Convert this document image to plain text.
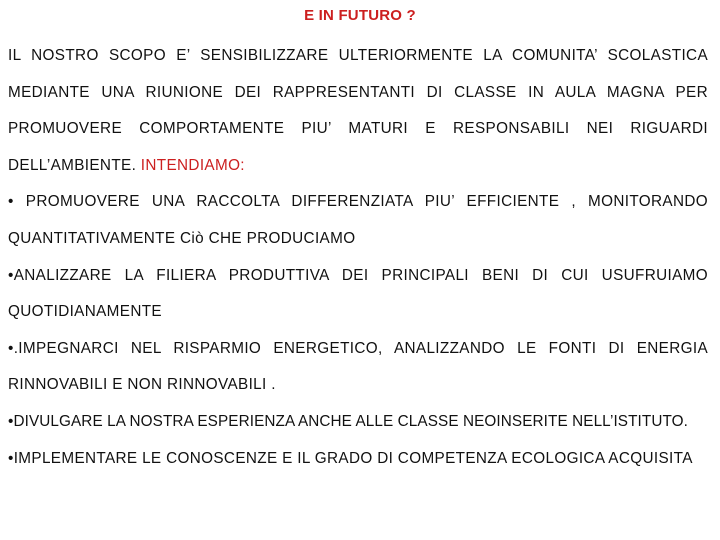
E IN FUTURO ?

IL NOSTRO SCOPO E’ SENSIBILIZZARE ULTERIORMENTE LA COMUNITA’ SCOLASTICA MEDIANTE UNA RIUNIONE DEI RAPPRESENTANTI DI CLASSE IN AULA MAGNA PER PROMUOVERE COMPORTAMENTE PIU’ MATURI E RESPONSABILI NEI RIGUARDI DELL’AMBIENTE. INTENDIAMO:

• PROMUOVERE UNA RACCOLTA DIFFERENZIATA PIU’ EFFICIENTE , MONITORANDO QUANTITATIVAMENTE Ciò CHE PRODUCIAMO

•ANALIZZARE LA FILIERA PRODUTTIVA DEI PRINCIPALI BENI DI CUI USUFRUIAMO QUOTIDIANAMENTE

•.IMPEGNARCI NEL RISPARMIO ENERGETICO, ANALIZZANDO LE FONTI DI ENERGIA RINNOVABILI E NON RINNOVABILI .

•DIVULGARE LA NOSTRA ESPERIENZA ANCHE ALLE CLASSE NEOINSERITE NELL’ISTITUTO.

•IMPLEMENTARE LE CONOSCENZE E IL GRADO DI COMPETENZA ECOLOGICA ACQUISITA
